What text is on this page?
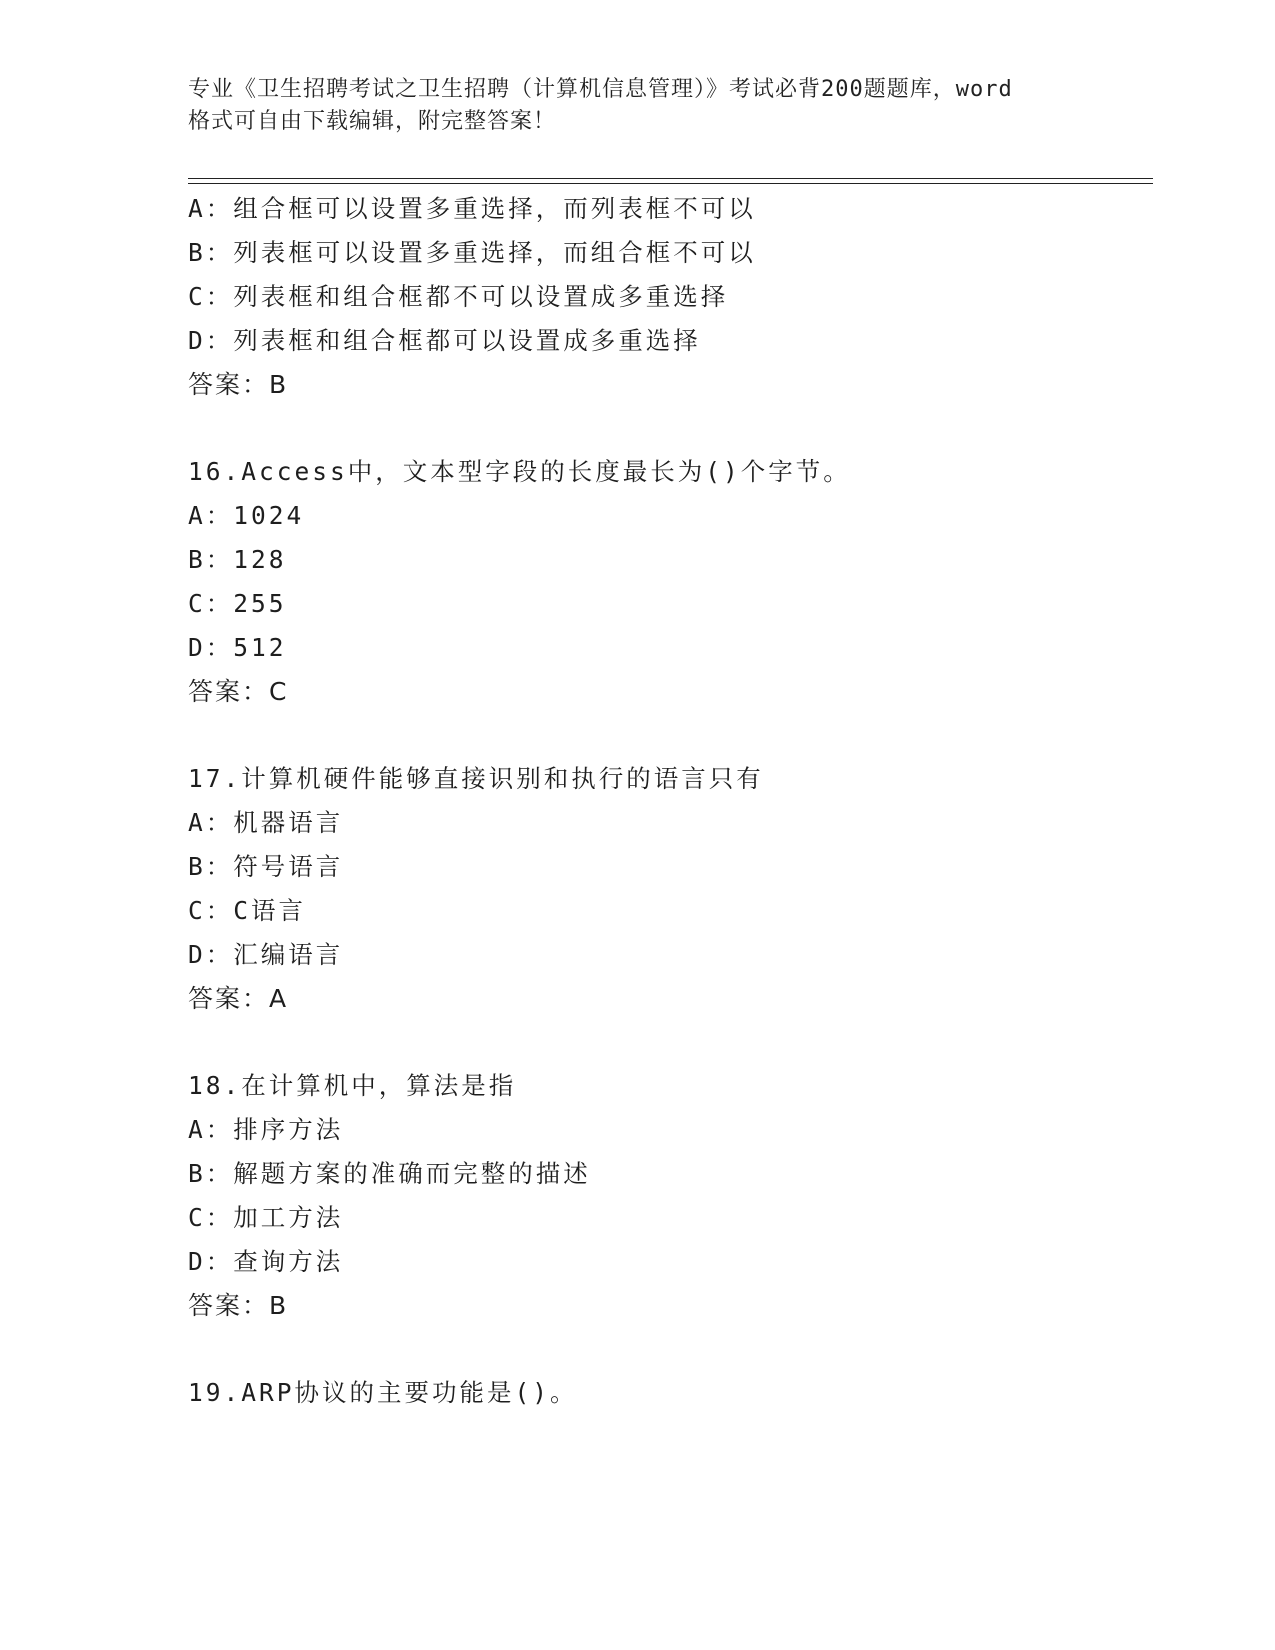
专业《卫生招聘考试之卫生招聘（计算机信息管理）》考试必背200题题库，word
格式可自由下载编辑，附完整答案！
A：组合框可以设置多重选择，而列表框不可以
B：列表框可以设置多重选择，而组合框不可以
C：列表框和组合框都不可以设置成多重选择
D：列表框和组合框都可以设置成多重选择
答案：B
16.Access中，文本型字段的长度最长为()个字节。
A：1024
B：128
C：255
D：512
答案：C
17.计算机硬件能够直接识别和执行的语言只有
A：机器语言
B：符号语言
C：C语言
D：汇编语言
答案：A
18.在计算机中，算法是指
A：排序方法
B：解题方案的准确而完整的描述
C：加工方法
D：查询方法
答案：B
19.ARP协议的主要功能是()。
